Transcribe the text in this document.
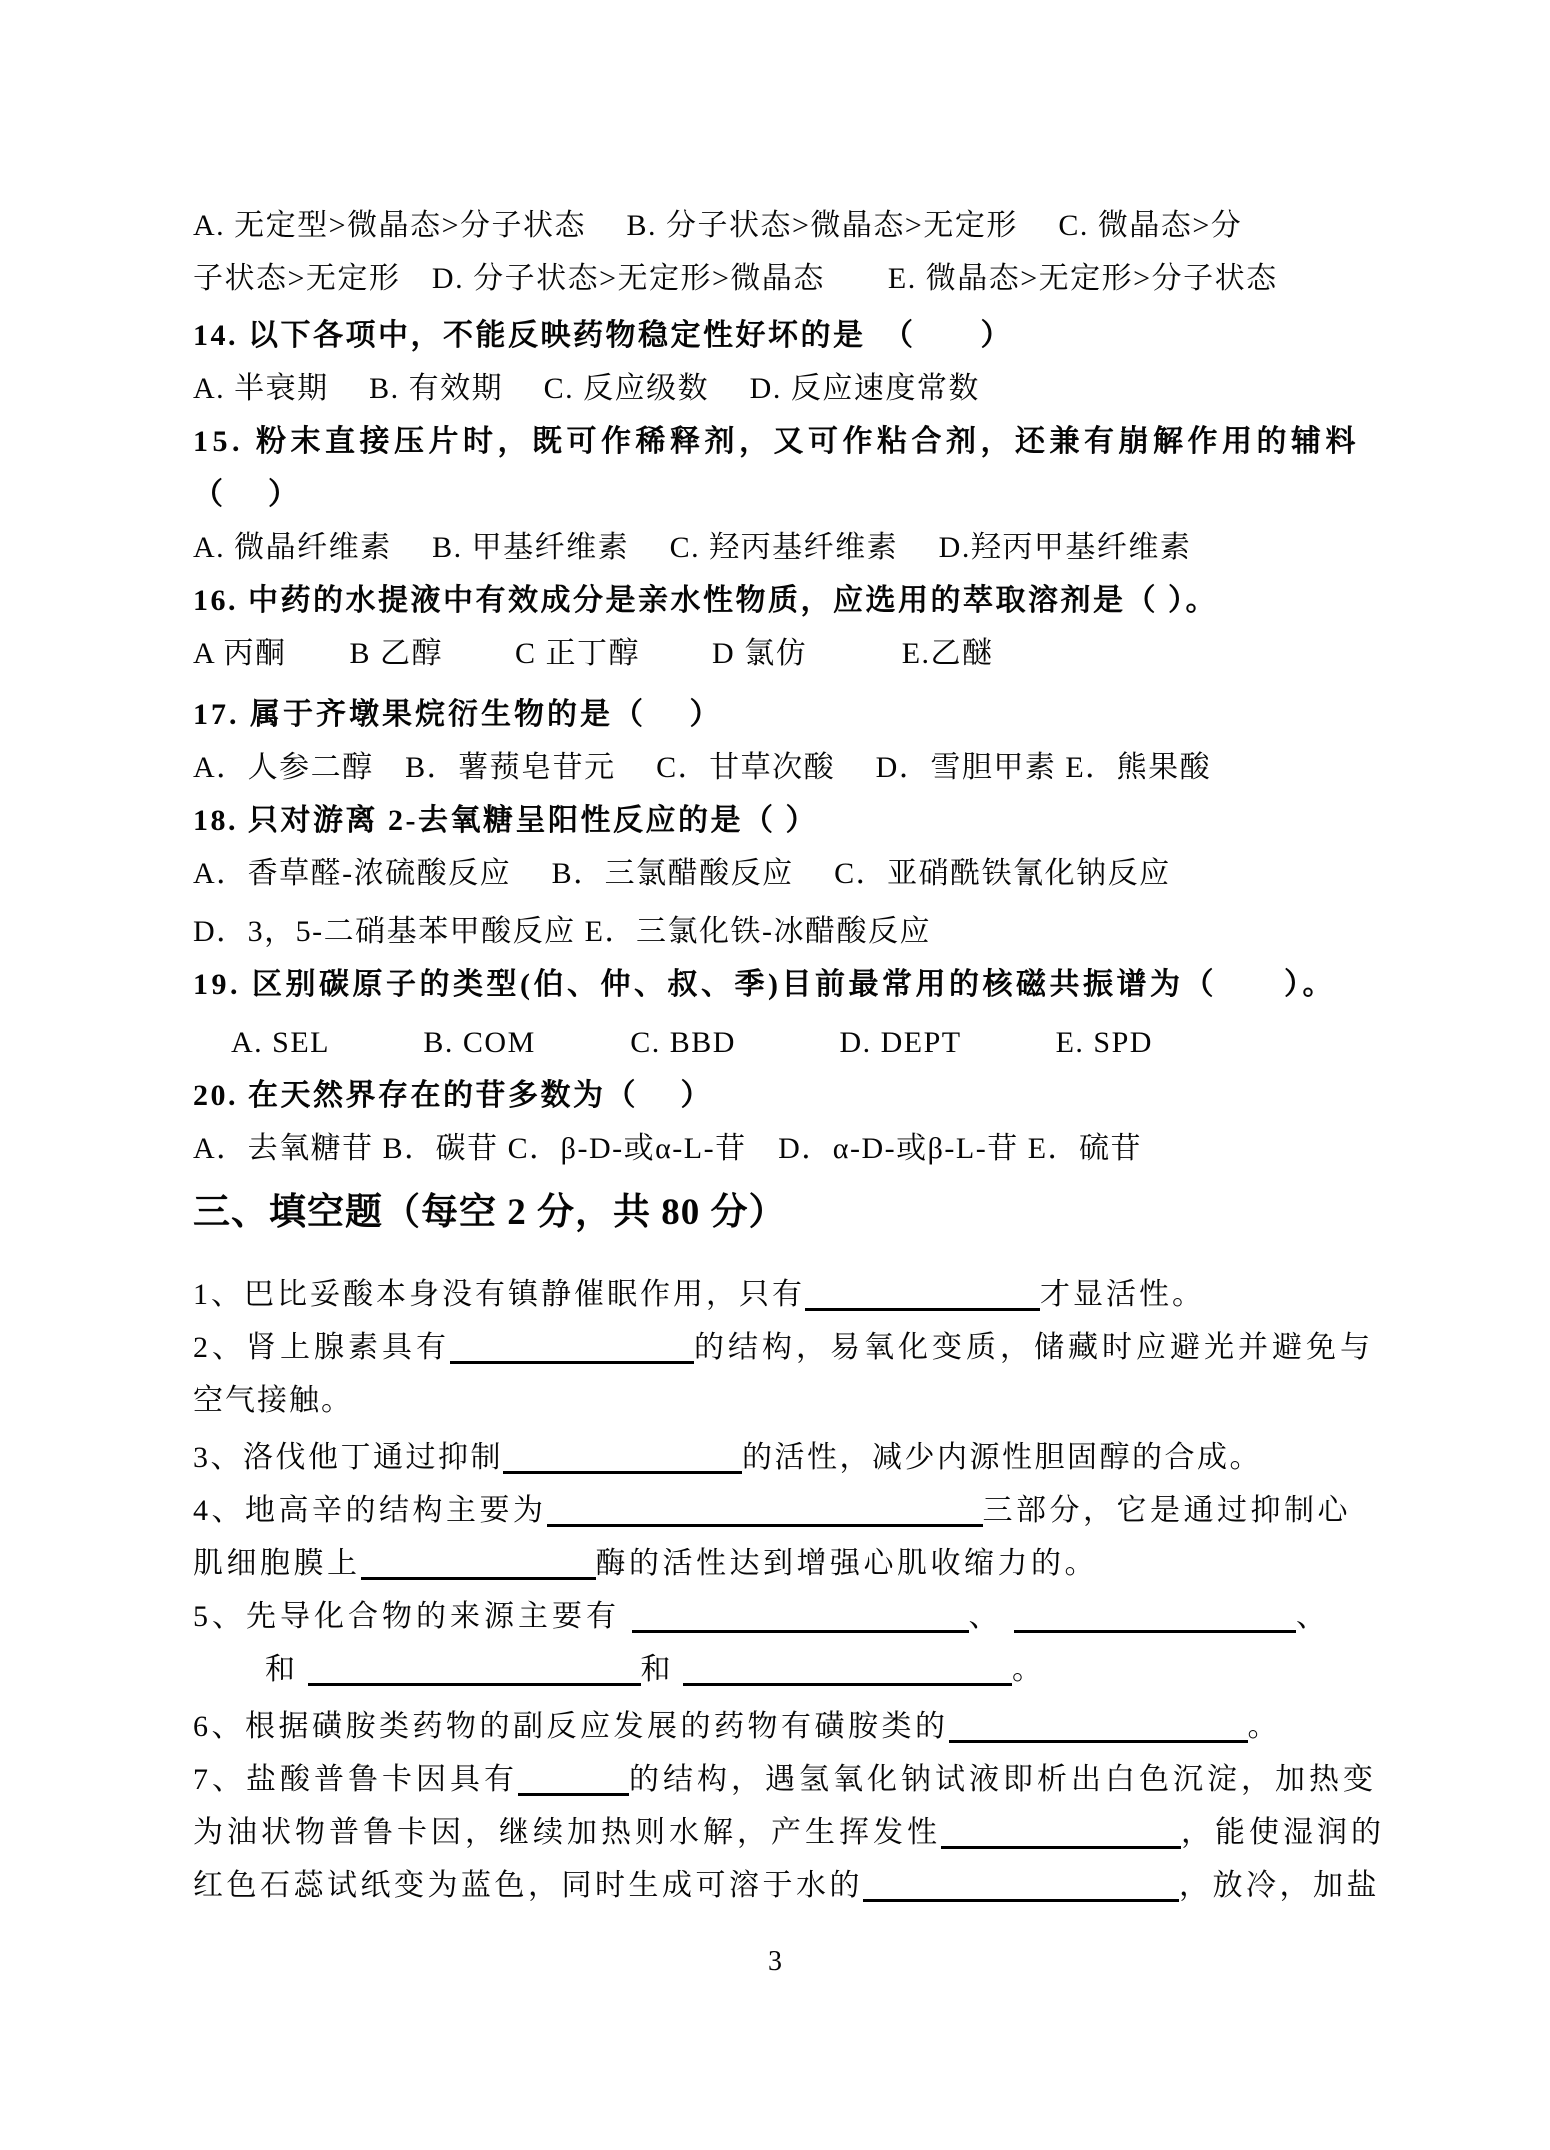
A. 无定型>微晶态>分子状态　 B. 分子状态>微晶态>无定形　 C. 微晶态>分
子状态>无定形　D. 分子状态>无定形>微晶态　　E. 微晶态>无定形>分子状态
14. 以下各项中，不能反映药物稳定性好坏的是　（　　）
A. 半衰期　 B. 有效期　 C. 反应级数　 D. 反应速度常数
15. 粉末直接压片时，既可作稀释剂，又可作粘合剂，还兼有崩解作用的辅料
（　 ）
A. 微晶纤维素　 B. 甲基纤维素　 C. 羟丙基纤维素　 D.羟丙甲基纤维素
16. 中药的水提液中有效成分是亲水性物质，应选用的萃取溶剂是（ ）。
A 丙酮　　B 乙醇　　 C 正丁醇　　 D 氯仿　　　E.乙醚
17. 属于齐墩果烷衍生物的是（　 ）
A．人参二醇　B．薯蓣皂苷元　 C．甘草次酸　 D．雪胆甲素 E．熊果酸
18. 只对游离 2-去氧糖呈阳性反应的是（ ）
A．香草醛-浓硫酸反应　 B．三氯醋酸反应　 C．亚硝酰铁氰化钠反应
D．3，5-二硝基苯甲酸反应 E．三氯化铁-冰醋酸反应
19. 区别碳原子的类型(伯、仲、叔、季)目前最常用的核磁共振谱为（　　）。
A. SEL　　　B. COM　　　C. BBD　　　 D. DEPT　　　E. SPD
20. 在天然界存在的苷多数为（　 ）
A．去氧糖苷 B．碳苷 C．β-D-或α-L-苷　D．α-D-或β-L-苷 E．硫苷
三、填空题（每空 2 分，共 80 分）
1、巴比妥酸本身没有镇静催眠作用，只有	才显活性。
2、肾上腺素具有	的结构，易氧化变质，储藏时应避光并避免与
空气接触。
3、洛伐他丁通过抑制	的活性，减少内源性胆固醇的合成。
4、地高辛的结构主要为	三部分，它是通过抑制心
肌细胞膜上	酶的活性达到增强心肌收缩力的。
5、先导化合物的来源主要有	、	、
和	和	。
6、根据磺胺类药物的副反应发展的药物有磺胺类的	。
7、盐酸普鲁卡因具有	的结构，遇氢氧化钠试液即析出白色沉淀，加热变
为油状物普鲁卡因，继续加热则水解，产生挥发性	，能使湿润的
红色石蕊试纸变为蓝色，同时生成可溶于水的	，放冷，加盐
3
